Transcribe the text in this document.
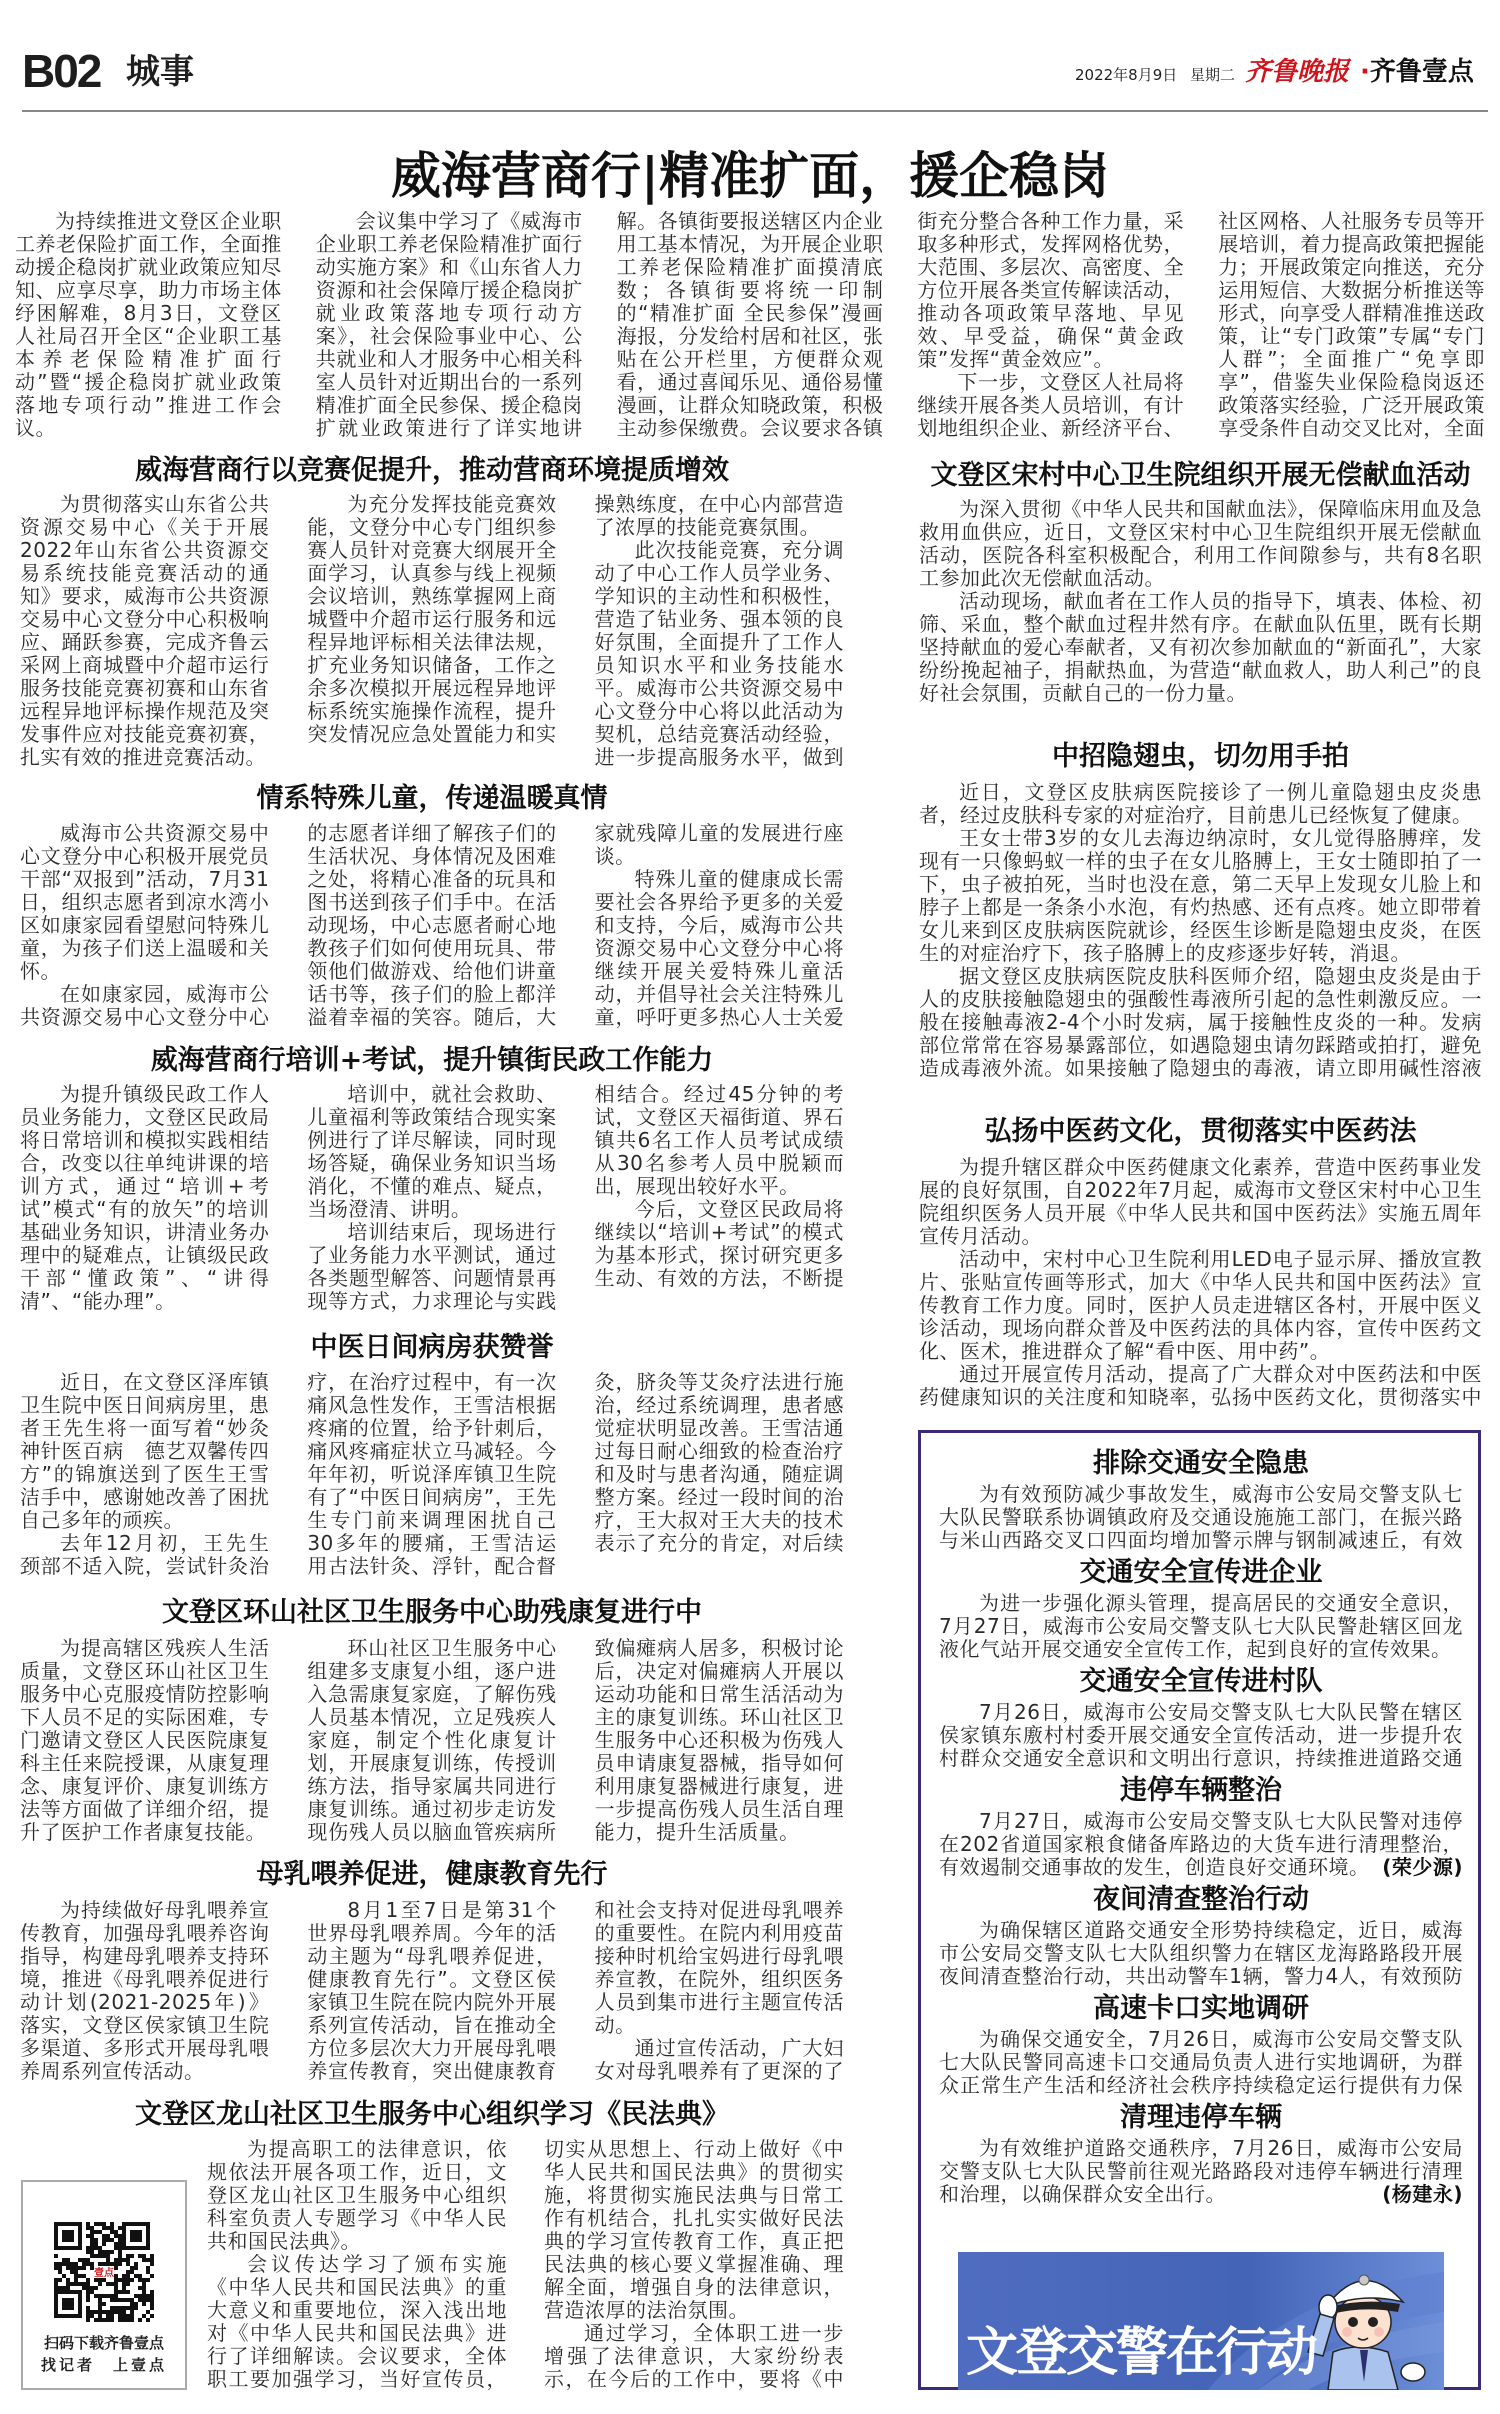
B02 城事	2022年8月9日 星期二 齐鲁晚报 ·齐鲁壹点
威海营商行|精准扩面，援企稳岗

为持续推进文登区企业职工养老保险扩面工作，全面推动援企稳岗扩就业政策应知尽知、应享尽享，助力市场主体纾困解难，8月3日，文登区人社局召开全区“企业职工基本养老保险精准扩面行动”暨“援企稳岗扩就业政策落地专项行动”推进工作会议。

会议集中学习了《威海市企业职工养老保险精准扩面行动实施方案》和《山东省人力资源和社会保障厅援企稳岗扩就业政策落地专项行动方案》，社会保险事业中心、公共就业和人才服务中心相关科室人员针对近期出台的一系列精准扩面全民参保、援企稳岗扩就业政策进行了详实地讲解。各镇街要报送辖区内企业用工基本情况，为开展企业职工养老保险精准扩面摸清底数；各镇街要将统一印制的“精准扩面 全民参保”漫画海报，分发给村居和社区，张贴在公开栏里，方便群众观看，通过喜闻乐见、通俗易懂漫画，让群众知晓政策，积极主动参保缴费。会议要求各镇街充分整合各种工作力量，采取多种形式，发挥网格优势，大范围、多层次、高密度、全方位开展各类宣传解读活动，推动各项政策早落地、早见效、早受益，确保“黄金政策”发挥“黄金效应”。

下一步，文登区人社局将继续开展各类人员培训，有计划地组织企业、新经济平台、社区网格、人社服务专员等开展培训，着力提高政策把握能力；开展政策定向推送，充分运用短信、大数据分析推送等形式，向享受人群精准推送政策，让“专门政策”专属“专门人群”；全面推广“免享即享”，借鉴失业保险稳岗返还政策落实经验，广泛开展政策享受条件自动交叉比对，全面

威海营商行以竞赛促提升，推动营商环境提质增效

为贯彻落实山东省公共资源交易中心《关于开展2022年山东省公共资源交易系统技能竞赛活动的通知》要求，威海市公共资源交易中心文登分中心积极响应、踊跃参赛，完成齐鲁云采网上商城暨中介超市运行服务技能竞赛初赛和山东省远程异地评标操作规范及突发事件应对技能竞赛初赛，扎实有效的推进竞赛活动。

为充分发挥技能竞赛效能，文登分中心专门组织参赛人员针对竞赛大纲展开全面学习，认真参与线上视频会议培训，熟练掌握网上商城暨中介超市运行服务和远程异地评标相关法律法规，扩充业务知识储备，工作之余多次模拟开展远程异地评标系统实施操作流程，提升突发情况应急处置能力和实操熟练度，在中心内部营造了浓厚的技能竞赛氛围。

此次技能竞赛，充分调动了中心工作人员学业务、学知识的主动性和积极性，营造了钻业务、强本领的良好氛围，全面提升了工作人员知识水平和业务技能水平。威海市公共资源交易中心文登分中心将以此活动为契机，总结竞赛活动经验，进一步提高服务水平，做到

情系特殊儿童，传递温暖真情

威海市公共资源交易中心文登分中心积极开展党员干部“双报到”活动，7月31日，组织志愿者到凉水湾小区如康家园看望慰问特殊儿童，为孩子们送上温暖和关怀。

在如康家园，威海市公共资源交易中心文登分中心的志愿者详细了解孩子们的生活状况、身体情况及困难之处，将精心准备的玩具和图书送到孩子们手中。在活动现场，中心志愿者耐心地教孩子们如何使用玩具、带领他们做游戏、给他们讲童话书等，孩子们的脸上都洋溢着幸福的笑容。随后，大家就残障儿童的发展进行座谈。

特殊儿童的健康成长需要社会各界给予更多的关爱和支持，今后，威海市公共资源交易中心文登分中心将继续开展关爱特殊儿童活动，并倡导社会关注特殊儿童，呼吁更多热心人士关爱

威海营商行培训+考试，提升镇街民政工作能力

为提升镇级民政工作人员业务能力，文登区民政局将日常培训和模拟实践相结合，改变以往单纯讲课的培训方式，通过“培训+考试”模式“有的放矢”的培训基础业务知识，讲清业务办理中的疑难点，让镇级民政干部“懂政策”、“讲得清”、“能办理”。

培训中，就社会救助、儿童福利等政策结合现实案例进行了详尽解读，同时现场答疑，确保业务知识当场消化，不懂的难点、疑点，当场澄清、讲明。

培训结束后，现场进行了业务能力水平测试，通过各类题型解答、问题情景再现等方式，力求理论与实践相结合。经过45分钟的考试，文登区天福街道、界石镇共6名工作人员考试成绩从30名参考人员中脱颖而出，展现出较好水平。

今后，文登区民政局将继续以“培训+考试”的模式为基本形式，探讨研究更多生动、有效的方法，不断提

中医日间病房获赞誉

近日，在文登区泽库镇卫生院中医日间病房里，患者王先生将一面写着“妙灸神针医百病　德艺双馨传四方”的锦旗送到了医生王雪洁手中，感谢她改善了困扰自己多年的顽疾。

去年12月初，王先生颈部不适入院，尝试针灸治疗，在治疗过程中，有一次痛风急性发作，王雪洁根据疼痛的位置，给予针刺后，痛风疼痛症状立马减轻。今年年初，听说泽库镇卫生院有了“中医日间病房”，王先生专门前来调理困扰自己30多年的腰痛，王雪洁运用古法针灸、浮针，配合督灸，脐灸等艾灸疗法进行施治，经过系统调理，患者感觉症状明显改善。王雪洁通过每日耐心细致的检查治疗和及时与患者沟通，随症调整方案。经过一段时间的治疗，王大叔对王大夫的技术表示了充分的肯定，对后续

文登区环山社区卫生服务中心助残康复进行中

为提高辖区残疾人生活质量，文登区环山社区卫生服务中心克服疫情防控影响下人员不足的实际困难，专门邀请文登区人民医院康复科主任来院授课，从康复理念、康复评价、康复训练方法等方面做了详细介绍，提升了医护工作者康复技能。

环山社区卫生服务中心组建多支康复小组，逐户进入急需康复家庭，了解伤残人员基本情况，立足残疾人家庭，制定个性化康复计划，开展康复训练，传授训练方法，指导家属共同进行康复训练。通过初步走访发现伤残人员以脑血管疾病所致偏瘫病人居多，积极讨论后，决定对偏瘫病人开展以运动功能和日常生活活动为主的康复训练。环山社区卫生服务中心还积极为伤残人员申请康复器械，指导如何利用康复器械进行康复，进一步提高伤残人员生活自理能力，提升生活质量。

母乳喂养促进，健康教育先行

为持续做好母乳喂养宣传教育，加强母乳喂养咨询指导，构建母乳喂养支持环境，推进《母乳喂养促进行动计划(2021-2025年)》落实，文登区侯家镇卫生院多渠道、多形式开展母乳喂养周系列宣传活动。

8月1至7日是第31个世界母乳喂养周。今年的活动主题为“母乳喂养促进，健康教育先行”。文登区侯家镇卫生院在院内院外开展系列宣传活动，旨在推动全方位多层次大力开展母乳喂养宣传教育，突出健康教育和社会支持对促进母乳喂养的重要性。在院内利用疫苗接种时机给宝妈进行母乳喂养宣教，在院外，组织医务人员到集市进行主题宣传活动。

通过宣传活动，广大妇女对母乳喂养有了更深的了

文登区龙山社区卫生服务中心组织学习《民法典》

为提高职工的法律意识，依规依法开展各项工作，近日，文登区龙山社区卫生服务中心组织科室负责人专题学习《中华人民共和国民法典》。

会议传达学习了颁布实施《中华人民共和国民法典》的重大意义和重要地位，深入浅出地对《中华人民共和国民法典》进行了详细解读。会议要求，全体职工要加强学习，当好宣传员，切实从思想上、行动上做好《中华人民共和国民法典》的贯彻实施，将贯彻实施民法典与日常工作有机结合，扎扎实实做好民法典的学习宣传教育工作，真正把民法典的核心要义掌握准确、理解全面，增强自身的法律意识，营造浓厚的法治氛围。

通过学习，全体职工进一步增强了法律意识，大家纷纷表示，在今后的工作中，要将《中

文登区宋村中心卫生院组织开展无偿献血活动

为深入贯彻《中华人民共和国献血法》，保障临床用血及急救用血供应，近日，文登区宋村中心卫生院组织开展无偿献血活动，医院各科室积极配合，利用工作间隙参与，共有8名职工参加此次无偿献血活动。

活动现场，献血者在工作人员的指导下，填表、体检、初筛、采血，整个献血过程井然有序。在献血队伍里，既有长期坚持献血的爱心奉献者，又有初次参加献血的“新面孔”，大家纷纷挽起袖子，捐献热血，为营造“献血救人，助人利己”的良好社会氛围，贡献自己的一份力量。

中招隐翅虫，切勿用手拍

近日，文登区皮肤病医院接诊了一例儿童隐翅虫皮炎患者，经过皮肤科专家的对症治疗，目前患儿已经恢复了健康。

王女士带3岁的女儿去海边纳凉时，女儿觉得胳膊痒，发现有一只像蚂蚁一样的虫子在女儿胳膊上，王女士随即拍了一下，虫子被拍死，当时也没在意，第二天早上发现女儿脸上和脖子上都是一条条小水泡，有灼热感、还有点疼。她立即带着女儿来到区皮肤病医院就诊，经医生诊断是隐翅虫皮炎，在医生的对症治疗下，孩子胳膊上的皮疹逐步好转，消退。

据文登区皮肤病医院皮肤科医师介绍，隐翅虫皮炎是由于人的皮肤接触隐翅虫的强酸性毒液所引起的急性刺激反应。一般在接触毒液2-4个小时发病，属于接触性皮炎的一种。发病部位常常在容易暴露部位，如遇隐翅虫请勿踩踏或拍打，避免造成毒液外流。如果接触了隐翅虫的毒液，请立即用碱性溶液

弘扬中医药文化，贯彻落实中医药法

为提升辖区群众中医药健康文化素养，营造中医药事业发展的良好氛围，自2022年7月起，威海市文登区宋村中心卫生院组织医务人员开展《中华人民共和国中医药法》实施五周年宣传月活动。

活动中，宋村中心卫生院利用LED电子显示屏、播放宣教片、张贴宣传画等形式，加大《中华人民共和国中医药法》宣传教育工作力度。同时，医护人员走进辖区各村，开展中医义诊活动，现场向群众普及中医药法的具体内容，宣传中医药文化、医术，推进群众了解“看中医、用中药”。

通过开展宣传月活动，提高了广大群众对中医药法和中医药健康知识的关注度和知晓率，弘扬中医药文化，贯彻落实中

排除交通安全隐患

为有效预防减少事故发生，威海市公安局交警支队七大队民警联系协调镇政府及交通设施施工部门，在振兴路与米山西路交叉口四面均增加警示牌与钢制减速丘，有效

交通安全宣传进企业

为进一步强化源头管理，提高居民的交通安全意识，7月27日，威海市公安局交警支队七大队民警赴辖区回龙液化气站开展交通安全宣传工作，起到良好的宣传效果。

交通安全宣传进村队

7月26日，威海市公安局交警支队七大队民警在辖区侯家镇东廒村村委开展交通安全宣传活动，进一步提升农村群众交通安全意识和文明出行意识，持续推进道路交通

违停车辆整治

7月27日，威海市公安局交警支队七大队民警对违停在202省道国家粮食储备库路边的大货车进行清理整治，有效遏制交通事故的发生，创造良好交通环境。 (荣少源)

夜间清查整治行动

为确保辖区道路交通安全形势持续稳定，近日，威海市公安局交警支队七大队组织警力在辖区龙海路路段开展夜间清查整治行动，共出动警车1辆，警力4人，有效预防

高速卡口实地调研

为确保交通安全，7月26日，威海市公安局交警支队七大队民警同高速卡口交通局负责人进行实地调研，为群众正常生产生活和经济社会秩序持续稳定运行提供有力保

清理违停车辆

为有效维护道路交通秩序，7月26日，威海市公安局交警支队七大队民警前往观光路路段对违停车辆进行清理和治理，以确保群众安全出行。	(杨建永)

文登交警在行动
壹点
扫码下载齐鲁壹点
找记者　上壹点
